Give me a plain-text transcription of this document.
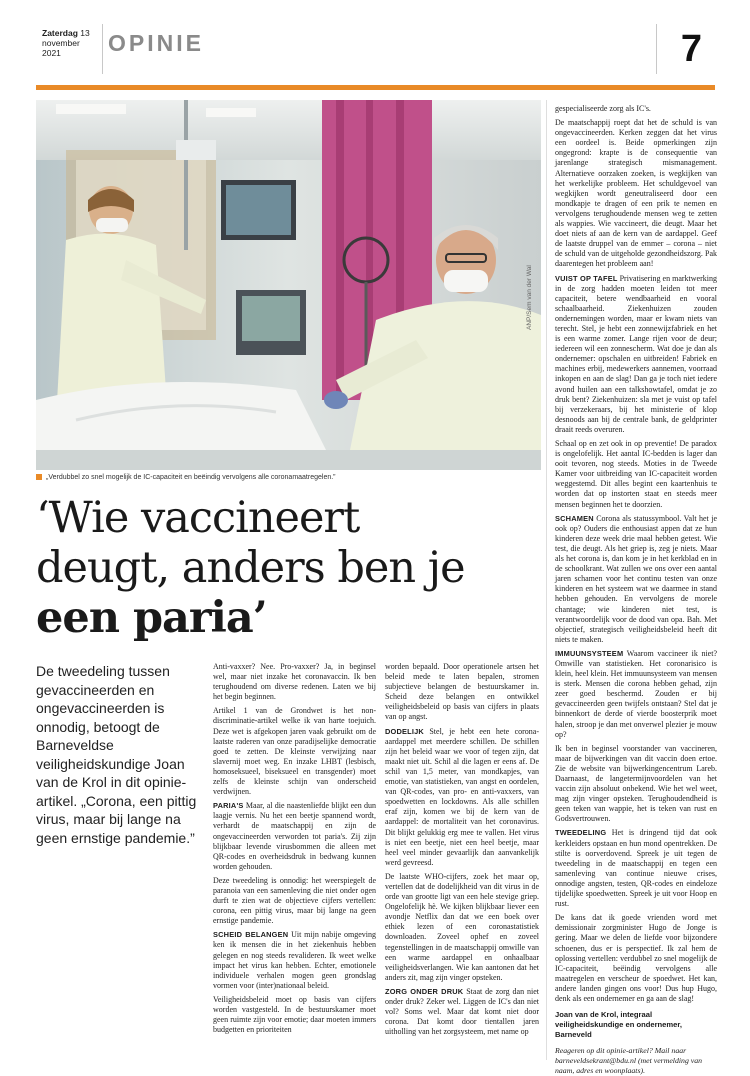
Zaterdag 13
november
2021	OPINIE	7
„Verdubbel zo snel mogelijk de IC-capaciteit en beëindig vervolgens alle coronamaatregelen.”
‘Wie vaccineert
deugt, anders ben je
een paria’
De tweedeling tussen gevaccineerden en ongevaccineerden is onnodig, betoogt de Barneveldse veiligheidskundige Joan van de Krol in dit opinie-artikel. „Corona, een pittig virus, maar bij lange na geen ernstige pandemie.”

Anti-vaxxer? Nee. Pro-vaxxer? Ja, in beginsel wel, maar niet inzake het coronavaccin. Ik ben terughoudend om diverse redenen. Laten we bij het begin beginnen.

Artikel 1 van de Grondwet is het non-discriminatie-artikel welke ik van harte toejuich. Deze wet is afgekopen jaren vaak gebruikt om de laatste raderen van onze paradijselijke democratie goed te zetten. De kleinste verwijzing naar slavernij moet weg. En inzake LHBT (lesbisch, homoseksueel, biseksueel en transgender) moet zelfs de kleinste schijn van onderscheid verdwijnen.

PARIA'S Maar, al die naastenliefde blijkt een dun laagje vernis. Nu het een beetje spannend wordt, verhardt de maatschappij en zijn de ongevaccineerden verworden tot paria's. Zij zijn blijkbaar levende virusbommen die alleen met QR-codes en overheidsdruk in bedwang kunnen worden gehouden.

Deze tweedeling is onnodig: het weerspiegelt de paranoia van een samenleving die niet onder ogen durft te zien wat de objectieve cijfers vertellen: corona, een pittig virus, maar bij lange na geen ernstige pandemie.

SCHEID BELANGEN Uit mijn nabije omgeving ken ik mensen die in het ziekenhuis hebben gelegen en nog steeds revalideren. Ik weet welke impact het virus kan hebben. Echter, emotionele individuele verhalen mogen geen grondslag vormen voor (inter)nationaal beleid.

Veiligheidsbeleid moet op basis van cijfers worden vastgesteld. In de bestuurskamer moet geen ruimte zijn voor emotie; daar moeten immers budgetten en prioriteiten

worden bepaald. Door operationele artsen het beleid mede te laten bepalen, stromen subjectieve belangen de bestuurskamer in. Scheid deze belangen en ontwikkel veiligheidsbeleid op basis van cijfers in plaats van op angst.

DODELIJK Stel, je hebt een hete corona-aardappel met meerdere schillen. De schillen zijn het beleid waar we voor of tegen zijn, dat maakt niet uit. Schil al die lagen er eens af. De schil van 1,5 meter, van mondkapjes, van emotie, van statistieken, van angst en oordelen, van QR-codes, van pro- en anti-vaxxers, van spoedwetten en lockdowns. Als alle schillen eraf zijn, komen we bij de kern van de aardappel: de mortaliteit van het coronavirus. Dit blijkt gelukkig erg mee te vallen. Het virus is niet een beetje, niet een heel beetje, maar heel veel minder gevaarlijk dan aanvankelijk werd gevreesd.

De laatste WHO-cijfers, zoek het maar op, vertellen dat de dodelijkheid van dit virus in de orde van grootte ligt van een hele stevige griep. Ongelofelijk hè. We kijken blijkbaar liever een avondje Netflix dan dat we een boek over ethiek lezen of een coronastatistiek downloaden. Zoveel ophef en zoveel tegenstellingen in de maatschappij omwille van een warme aardappel en onhaalbaar veiligheidsverlangen. Wie kan aantonen dat het anders zit, mag zijn vinger opsteken.

ZORG ONDER DRUK Staat de zorg dan niet onder druk? Zeker wel. Liggen de IC's dan niet vol? Soms wel. Maar dat komt niet door corona. Dat komt door tientallen jaren uitholling van het zorgsysteem, met name op

gespecialiseerde zorg als IC's.

De maatschappij roept dat het de schuld is van ongevaccineerden. Kerken zeggen dat het virus een oordeel is. Beide opmerkingen zijn ongegrond: krapte is de consequentie van jarenlange strategisch mismanagement. Alternatieve oorzaken zoeken, is wegkijken van het werkelijke probleem. Het schuldgevoel van wegkijken wordt geneutraliseerd door een mondkapje te dragen of een prik te nemen en vervolgens terughoudende mensen weg te zetten als wappies. Wie vaccineert, die deugt. Maar het doet niets af aan de kern van de aardappel. Geef de laatste druppel van de emmer – corona – niet de schuld van de uitgeholde gezondheidszorg. Pak daarentegen het probleem aan!

VUIST OP TAFEL Privatisering en marktwerking in de zorg hadden moeten leiden tot meer capaciteit, betere wendbaarheid en vooral schaalbaarheid. Ziekenhuizen zouden ondernemingen worden, maar er kwam niets van terecht. Stel, je hebt een zonnewijzfabriek en het is een warme zomer. Lange rijen voor de deur; iedereen wil een zonnescherm. Wat doe je dan als ondernemer: opschalen en uitbreiden! Fabriek en machines erbij, medewerkers aannemen, voorraad inkopen en aan de slag! Dan ga je toch niet iedere avond huilen aan een talkshowtafel, omdat je zo druk bent? Ziekenhuizen: sla met je vuist op tafel bij verzekeraars, bij het ministerie of klop desnoods aan bij de centrale bank, de geldprinter draait reeds overuren.

Schaal op en zet ook in op preventie! De paradox is ongelofelijk. Het aantal IC-bedden is lager dan ooit tevoren, nog steeds. Moties in de Tweede Kamer voor uitbreiding van IC-capaciteit worden weggestemd. Dit alles begint een kaartenhuis te worden dat op instorten staat en steeds meer mensen beginnen het te doorzien.

SCHAMEN Corona als statussymbool. Valt het je ook op? Ouders die enthousiast appen dat ze hun kinderen deze week drie maal hebben getest. Wie test, die deugt. Als het griep is, zeg je niets. Maar als het corona is, dan kom je in het kerkblad en in de schoolkrant. Wat zullen we ons over een aantal jaren schamen voor het continu testen van onze kinderen en het systeem wat we daarmee in stand hebben gehouden. En vervolgens de morele chantage; wie kinderen niet test, is verantwoordelijk voor de dood van opa. Bah. Met objectief, strategisch veiligheidsbeleid heeft dit niets te maken.

IMMUUNSYSTEEM Waarom vaccineer ik niet? Omwille van statistieken. Het coronarisico is klein, heel klein. Het immuunsysteem van mensen is sterk. Mensen die corona hebben gehad, zijn zeer goed beschermd. Zouden er bij gevaccineerden geen twijfels ontstaan? Stel dat je binnenkort de derde of vierde boosterprik moet halen, stroop je dan met onverwel plezier je mouw op?

Ik ben in beginsel voorstander van vaccineren, maar de bijwerkingen van dit vaccin doen ertoe. Zie de website van bijwerkingencentrum Lareb. Daarnaast, de langetermijnvoordelen van het vaccin zijn absoluut onbekend. Wie het wel weet, mag zijn vinger opsteken. Terughoudendheid is geen teken van wappie, het is teken van rust en Godsvertrouwen.

TWEEDELING Het is dringend tijd dat ook kerkleiders opstaan en hun mond opentrekken. De stilte is oorverdovend. Spreek je uit tegen de tweedeling in de maatschappij en tegen een samenleving van continue nieuwe crises, onnodige angsten, testen, QR-codes en eindeloze tijdelijke spoedwetten. Spreek je uit voor Hoop en rust.

De kans dat ik goede vrienden word met demissionair zorgminister Hugo de Jonge is gering. Maar we delen de liefde voor bijzondere schoenen, dus er is perspectief. Ik zal hem de oplossing vertellen: verdubbel zo snel mogelijk de IC-capaciteit, beëindig vervolgens alle maatregelen en verscheur de spoedwet. Het kan, andere landen gingen ons voor! Dus hup Hugo, denk als een ondernemer en ga aan de slag!

Joan van de Krol, integraal veiligheidskundige en ondernemer, Barneveld
Reageren op dit opinie-artikel? Mail naar barneveldsekrant@bdu.nl (met vermelding van naam, adres en woonplaats).
